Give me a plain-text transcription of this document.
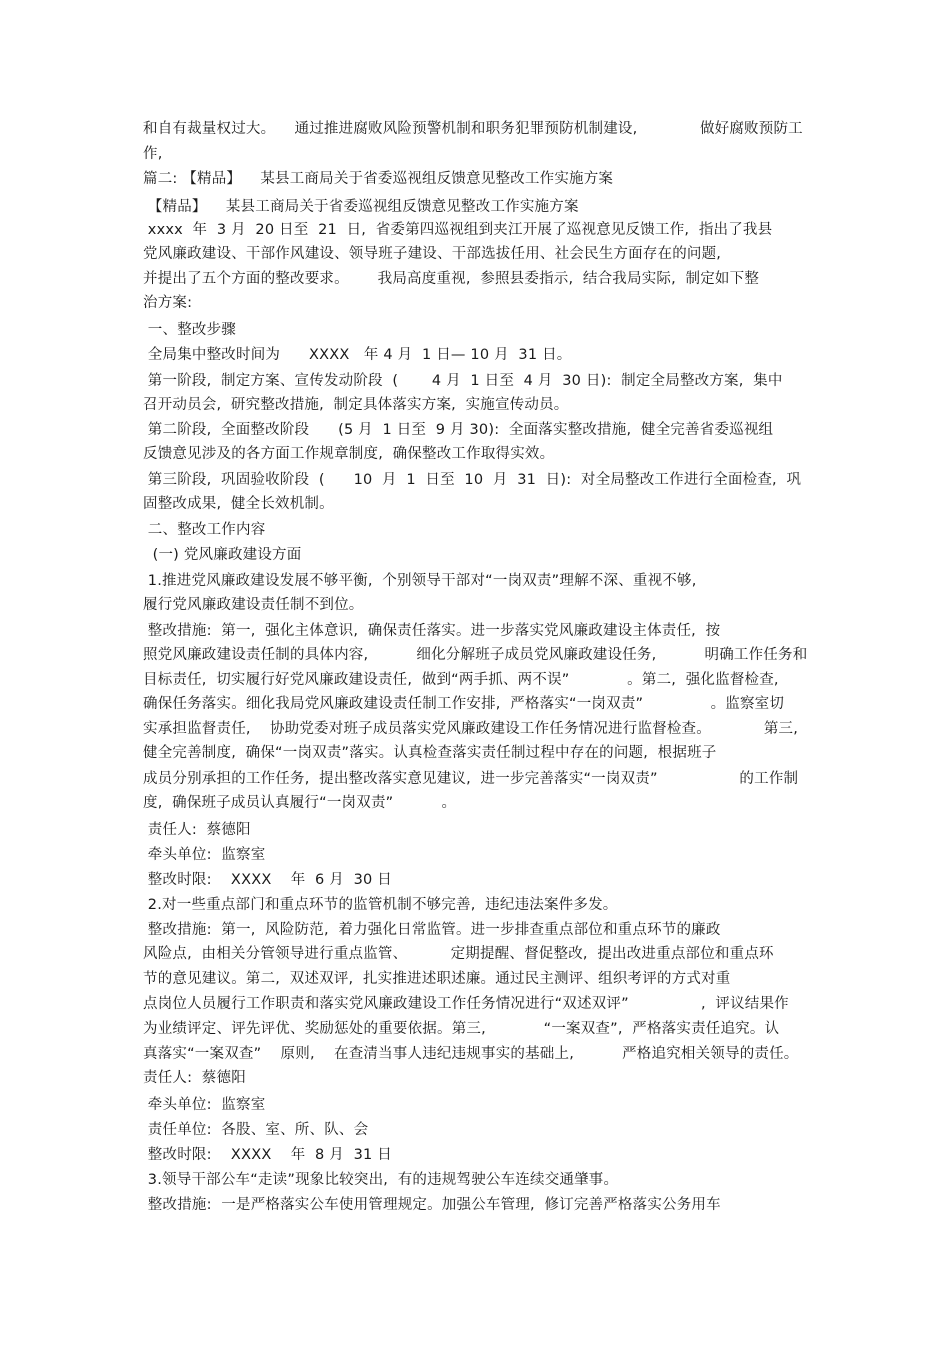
和自有裁量权过大。    通过推进腐败风险预警机制和职务犯罪预防机制建设,             做好腐败预防工
作,
篇二: 【精品】    某县工商局关于省委巡视组反馈意见整改工作实施方案
【精品】    某县工商局关于省委巡视组反馈意见整改工作实施方案
xxxx  年  3 月  20 日至  21  日,  省委第四巡视组到夹江开展了巡视意见反馈工作,  指出了我县
党风廉政建设、干部作风建设、领导班子建设、干部选拔任用、社会民生方面存在的问题,
并提出了五个方面的整改要求。      我局高度重视,  参照县委指示,  结合我局实际,  制定如下整
治方案:
一、整改步骤
全局集中整改时间为      XXXX   年 4 月  1 日— 10 月  31 日。
第一阶段,  制定方案、宣传发动阶段  (       4 月  1 日至  4 月  30 日):  制定全局整改方案,  集中
召开动员会,  研究整改措施,  制定具体落实方案,  实施宣传动员。
第二阶段,  全面整改阶段      (5 月  1 日至  9 月 30):  全面落实整改措施,  健全完善省委巡视组
反馈意见涉及的各方面工作规章制度,  确保整改工作取得实效。
第三阶段,  巩固验收阶段  (      10  月  1  日至  10  月  31  日):  对全局整改工作进行全面检查,  巩
固整改成果,  健全长效机制。
二、整改工作内容
(一) 党风廉政建设方面
1.推进党风廉政建设发展不够平衡,  个别领导干部对“一岗双责”理解不深、重视不够,
履行党风廉政建设责任制不到位。
整改措施:  第一,  强化主体意识,  确保责任落实。进一步落实党风廉政建设主体责任,  按
照党风廉政建设责任制的具体内容,          细化分解班子成员党风廉政建设任务,          明确工作任务和
目标责任,  切实履行好党风廉政建设责任,  做到“两手抓、两不误”            。第二,  强化监督检查,
确保任务落实。细化我局党风廉政建设责任制工作安排,  严格落实“一岗双责”              。监察室切
实承担监督责任,    协助党委对班子成员落实党风廉政建设工作任务情况进行监督检查。           第三,
健全完善制度,  确保“一岗双责”落实。认真检查落实责任制过程中存在的问题,  根据班子
成员分别承担的工作任务,  提出整改落实意见建议,  进一步完善落实“一岗双责”                 的工作制
度,  确保班子成员认真履行“一岗双责”          。
责任人:  蔡德阳
牵头单位:  监察室
整改时限:    XXXX    年  6 月  30 日
2.对一些重点部门和重点环节的监管机制不够完善,  违纪违法案件多发。
整改措施:  第一,  风险防范,  着力强化日常监管。进一步排查重点部位和重点环节的廉政
风险点,  由相关分管领导进行重点监管、         定期提醒、督促整改,  提出改进重点部位和重点环
节的意见建议。第二,  双述双评,  扎实推进述职述廉。通过民主测评、组织考评的方式对重
点岗位人员履行工作职责和落实党风廉政建设工作任务情况进行“双述双评”               ,  评议结果作
为业绩评定、评先评优、奖励惩处的重要依据。第三,            “一案双查”,  严格落实责任追究。认
真落实“一案双查”    原则,    在查清当事人违纪违规事实的基础上,          严格追究相关领导的责任。
责任人:  蔡德阳
牵头单位:  监察室
责任单位:  各股、室、所、队、会
整改时限:    XXXX    年  8 月  31 日
3.领导干部公车“走读”现象比较突出,  有的违规驾驶公车连续交通肇事。
整改措施:  一是严格落实公车使用管理规定。加强公车管理,  修订完善严格落实公务用车
